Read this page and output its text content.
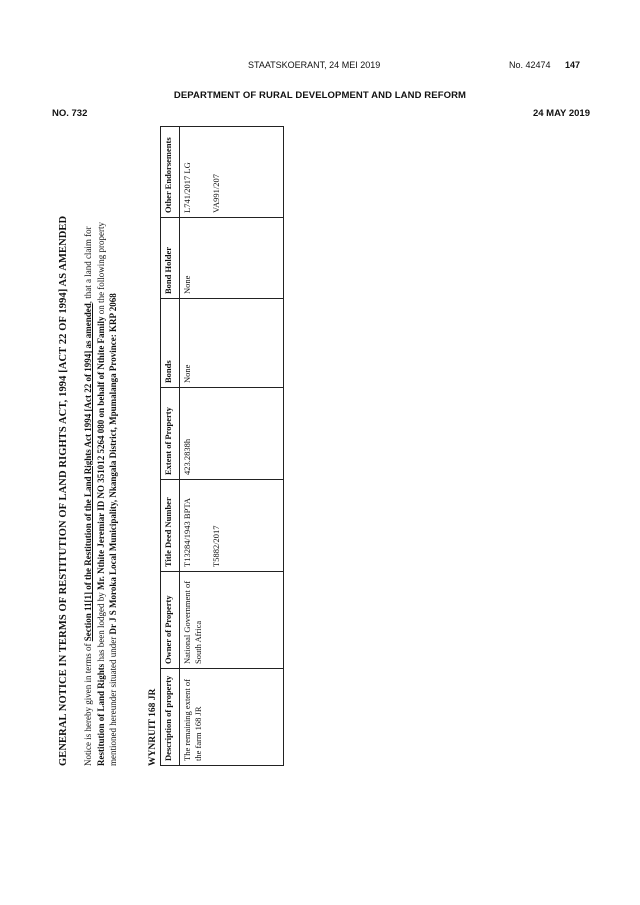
STAATSKOERANT, 24 MEI 2019	No. 42474 147
DEPARTMENT OF RURAL DEVELOPMENT AND LAND REFORM
NO. 732	24 MAY 2019
GENERAL NOTICE IN TERMS OF RESTITUTION OF LAND RIGHTS ACT, 1994 [ACT 22 OF 1994] AS AMENDED Notice is hereby given in terms of Section 11[1] of the Restitution of the Land Rights Act 1994 [Act 22 of 1994] as amended, that a land claim for
Restitution of Land Rights has been lodged by Mr. Nthite Jeremiar ID NO 351012 5264 080 on behalf of Nthite Family on the following property
mentioned hereunder situated under Dr J S Moroka Local Municipality, Nkangala District, Mpumalanga Province: KRP 2068
WYNRUIT 168 JR Description of property	Owner of Property	Title Deed Number	Extent of Property	Bonds	Bond Holder	Other Endorsements
The remaining extent of the farm 168 JR	National Government of South Africa	T13284/1943 BPTA T5882/2017	423.2838h	None	None	L741/2017 LG VA991/207
